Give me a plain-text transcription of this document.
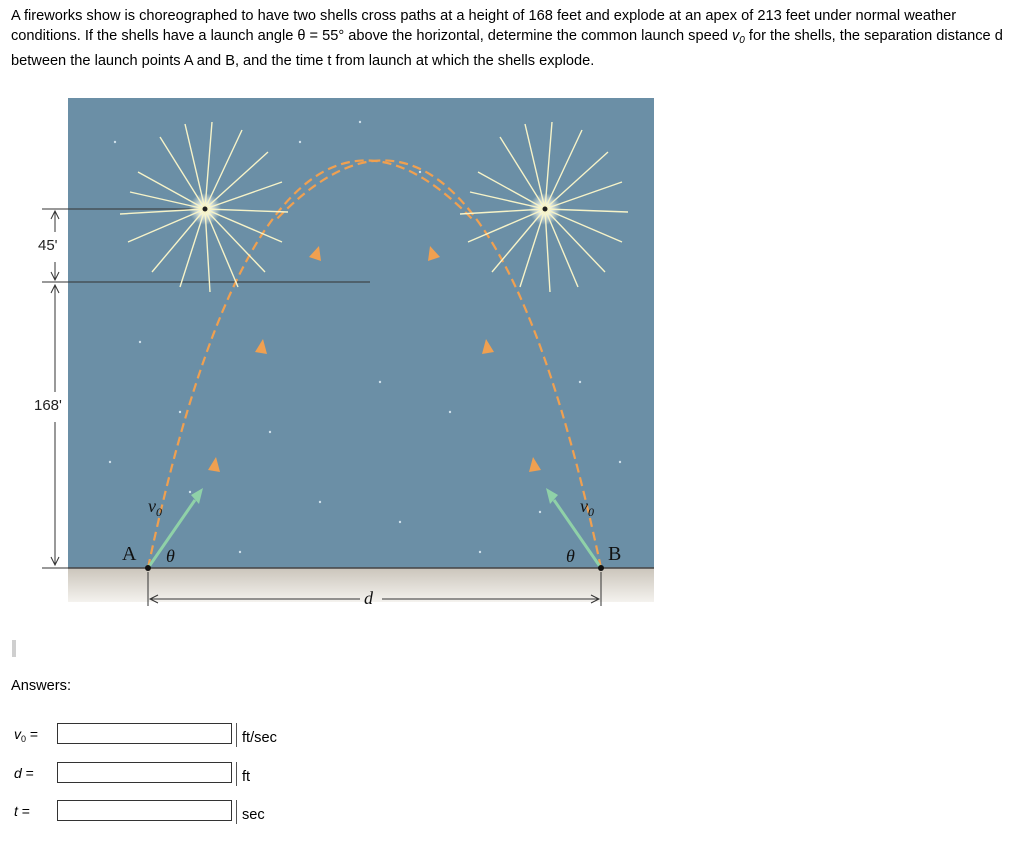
A fireworks show is choreographed to have two shells cross paths at a height of 168 feet and explode at an apex of 213 feet under normal weather conditions. If the shells have a launch angle θ = 55° above the horizontal, determine the common launch speed $v_0$ for the shells, the separation distance d between the launch points A and B, and the time t from launch at which the shells explode.

45'
168'
A	B
θ	θ
$v_0$	$v_0$
d
Answers:
$v_0$ =	ft/sec
d =	ft
t =	sec
